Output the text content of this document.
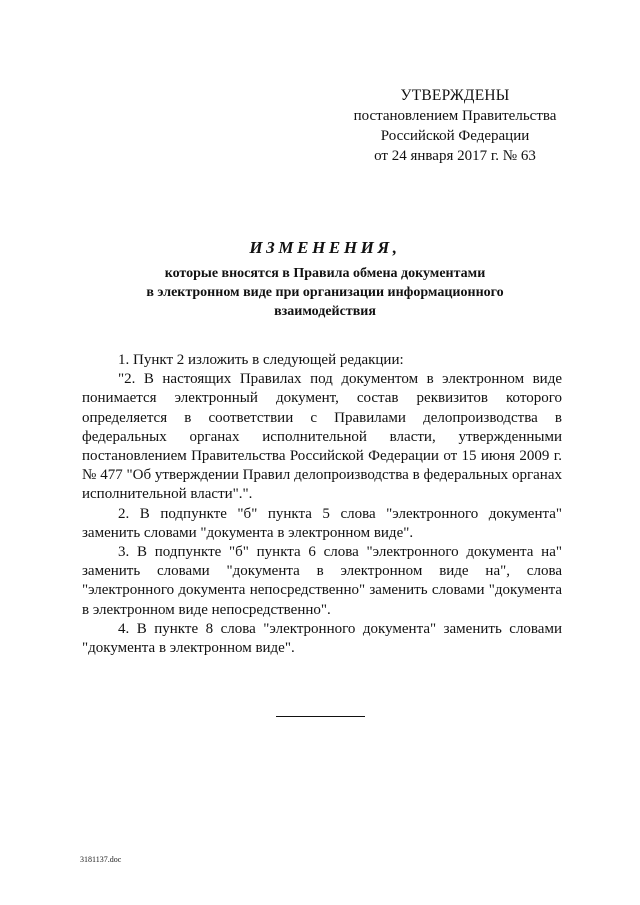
УТВЕРЖДЕНЫ
постановлением Правительства
Российской Федерации
от 24 января 2017 г. № 63
ИЗМЕНЕНИЯ,
которые вносятся в Правила обмена документами
в электронном виде при организации информационного
взаимодействия
1. Пункт 2 изложить в следующей редакции:
"2. В настоящих Правилах под документом в электронном виде
понимается электронный документ, состав реквизитов которого
определяется в соответствии с Правилами делопроизводства в
федеральных органах исполнительной власти, утвержденными
постановлением Правительства Российской Федерации от 15 июня 2009 г.
№ 477 "Об утверждении Правил делопроизводства в федеральных органах
исполнительной власти".".
2. В подпункте "б" пункта 5 слова "электронного документа"
заменить словами "документа в электронном виде".
3. В подпункте "б" пункта 6 слова "электронного документа на"
заменить словами "документа в электронном виде на", слова
"электронного документа непосредственно" заменить словами "документа
в электронном виде непосредственно".
4. В пункте 8 слова "электронного документа" заменить словами
"документа в электронном виде".
3181137.doc
